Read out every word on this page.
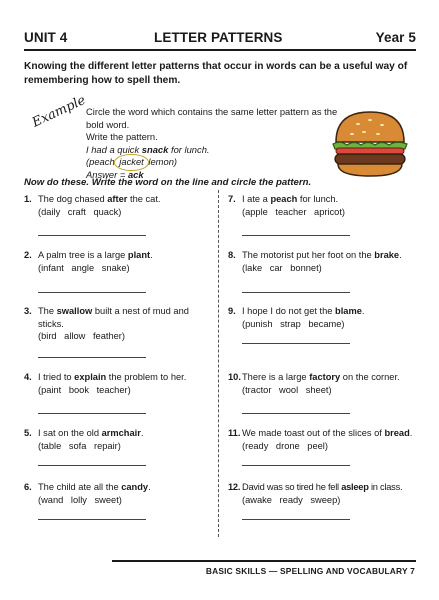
UNIT 4	LETTER PATTERNS	Year 5
Knowing the different letter patterns that occur in words can be a useful way of remembering how to spell them.
Example
Circle the word which contains the same letter pattern as the bold word.
Write the pattern.
I had a quick snack for lunch.
(peach jacket lemon)
Answer = ack
Now do these. Write the word on the line and circle the pattern.
1. The dog chased after the cat.
(daily craft quack)
2. A palm tree is a large plant.
(infant angle snake)
3. The swallow built a nest of mud and
sticks.
(bird allow feather)
4. I tried to explain the problem to her.
(paint book teacher)
5. I sat on the old armchair.
(table sofa repair)
6. The child ate all the candy.
(wand lolly sweet)
7. I ate a peach for lunch.
(apple teacher apricot)
8. The motorist put her foot on the brake.
(lake car bonnet)
9. I hope I do not get the blame.
(punish strap became)
10.There is a large factory on the corner.
(tractor wool sheet)
11. We made toast out of the slices of bread.
(ready drone peel)
12. David was so tired he fell asleep in class.
(awake ready sweep)
BASIC SKILLS — SPELLING AND VOCABULARY 7
